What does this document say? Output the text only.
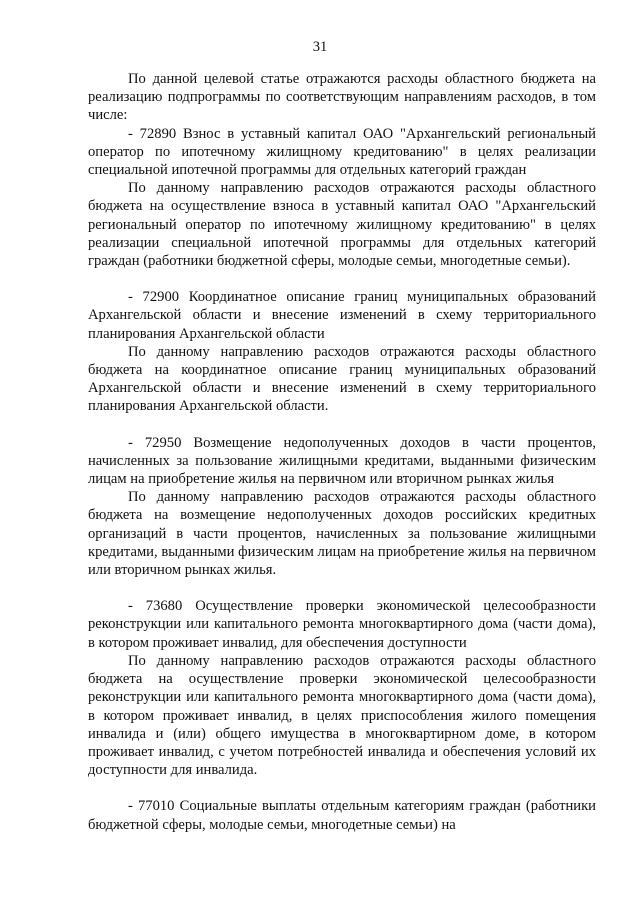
31

По данной целевой статье отражаются расходы областного бюджета на реализацию подпрограммы по соответствующим направлениям расходов, в том числе:

- 72890 Взнос в уставный капитал ОАО "Архангельский региональный оператор по ипотечному жилищному кредитованию" в целях реализации специальной ипотечной программы для отдельных категорий граждан

По данному направлению расходов отражаются расходы областного бюджета на осуществление взноса в уставный капитал ОАО "Архангельский региональный оператор по ипотечному жилищному кредитованию" в целях реализации специальной ипотечной программы для отдельных категорий граждан (работники бюджетной сферы, молодые семьи, многодетные семьи).

- 72900 Координатное описание границ муниципальных образований Архангельской области и внесение изменений в схему территориального планирования Архангельской области

По данному направлению расходов отражаются расходы областного бюджета на координатное описание границ муниципальных образований Архангельской области и внесение изменений в схему территориального планирования Архангельской области.

- 72950 Возмещение недополученных доходов в части процентов, начисленных за пользование жилищными кредитами, выданными физическим лицам на приобретение жилья на первичном или вторичном рынках жилья

По данному направлению расходов отражаются расходы областного бюджета на возмещение недополученных доходов российских кредитных организаций в части процентов, начисленных за пользование жилищными кредитами, выданными физическим лицам на приобретение жилья на первичном или вторичном рынках жилья.

- 73680 Осуществление проверки экономической целесообразности реконструкции или капитального ремонта многоквартирного дома (части дома), в котором проживает инвалид, для обеспечения доступности

По данному направлению расходов отражаются расходы областного бюджета на осуществление проверки экономической целесообразности реконструкции или капитального ремонта многоквартирного дома (части дома), в котором проживает инвалид, в целях приспособления жилого помещения инвалида и (или) общего имущества в многоквартирном доме, в котором проживает инвалид, с учетом потребностей инвалида и обеспечения условий их доступности для инвалида.

- 77010 Социальные выплаты отдельным категориям граждан (работники бюджетной сферы, молодые семьи, многодетные семьи) на
